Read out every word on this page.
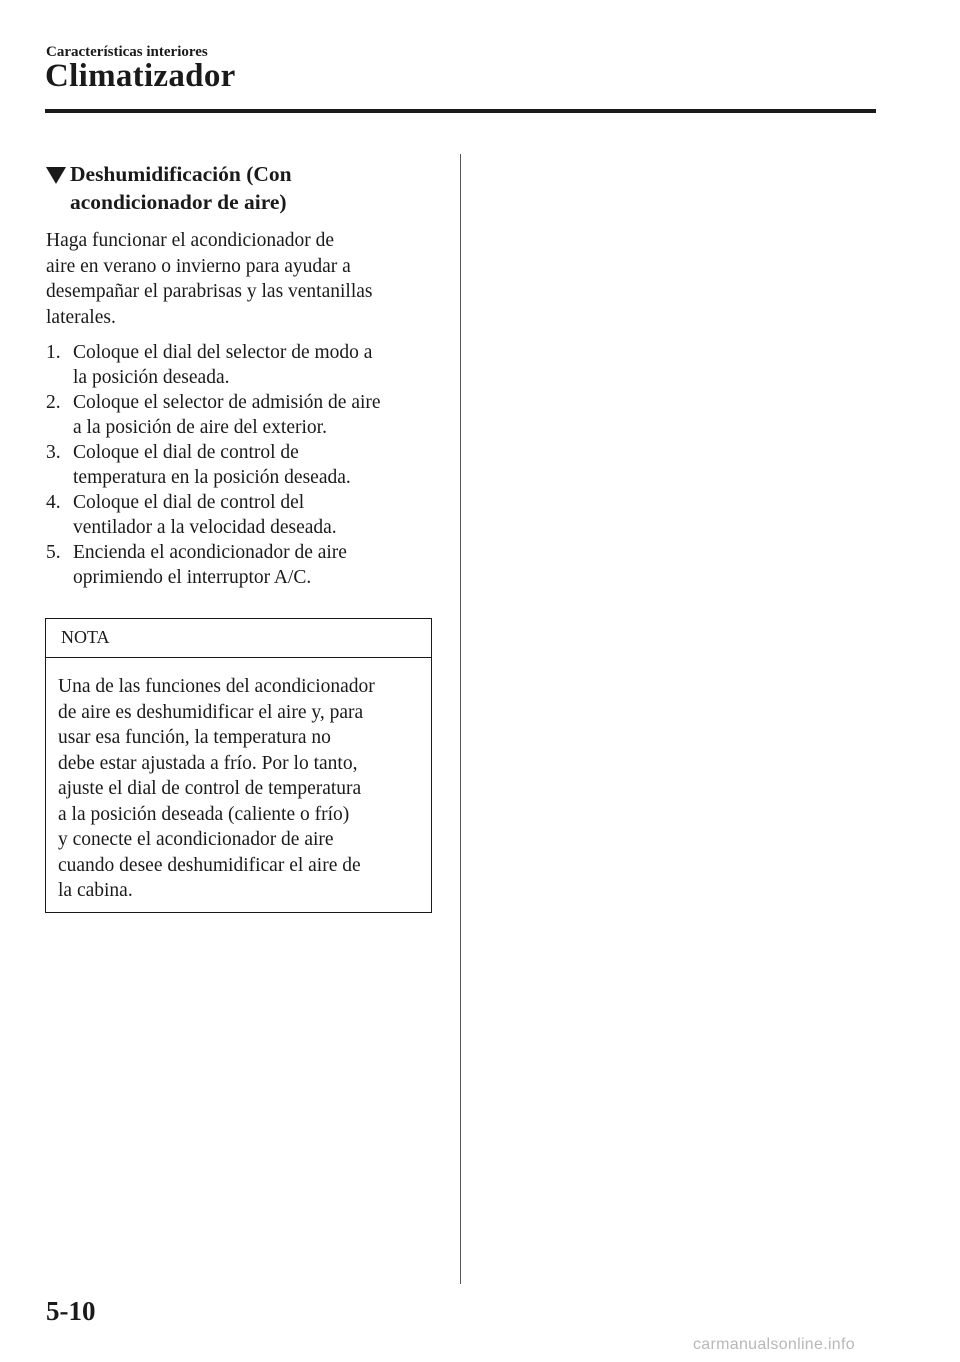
Características interiores
Climatizador
Deshumidificación (Con
acondicionador de aire)
Haga funcionar el acondicionador de
aire en verano o invierno para ayudar a
desempañar el parabrisas y las ventanillas
laterales.
1. Coloque el dial del selector de modo a
la posición deseada.
2. Coloque el selector de admisión de aire
a la posición de aire del exterior.
3. Coloque el dial de control de
temperatura en la posición deseada.
4. Coloque el dial de control del
ventilador a la velocidad deseada.
5. Encienda el acondicionador de aire
oprimiendo el interruptor A/C.
NOTA
Una de las funciones del acondicionador
de aire es deshumidificar el aire y, para
usar esa función, la temperatura no
debe estar ajustada a frío. Por lo tanto,
ajuste el dial de control de temperatura
a la posición deseada (caliente o frío)
y conecte el acondicionador de aire
cuando desee deshumidificar el aire de
la cabina.
5-10
carmanualsonline.info
